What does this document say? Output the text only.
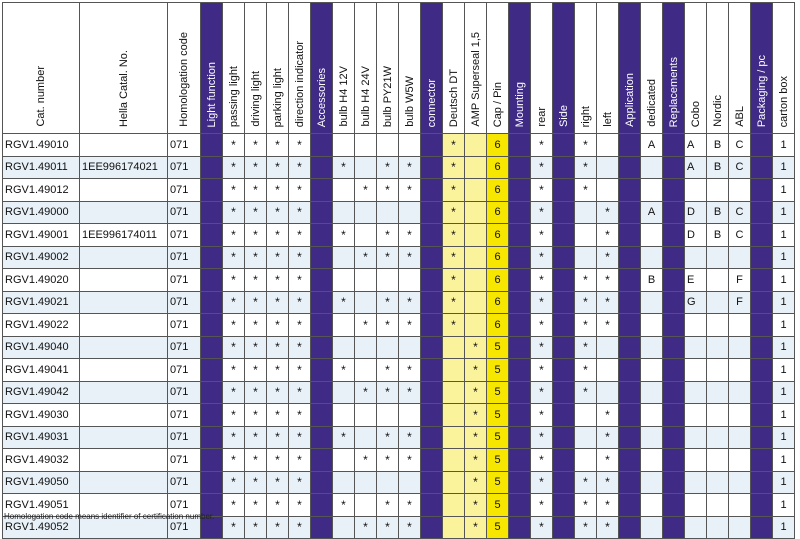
Cat. number	Hella Catal. No.	Homologation code	Light function	passing light	driving light	parking light	direction indicator	Accessories	bulb H4 12V	bulb H4 24V	bulb PY21W	bulb W5W	connector	Deutsch DT	AMP Superseal 1,5	Cap / Pin	Mounting	rear	Side	right	left	Application	dedicated	Replacements	Cobo	Nordic	ABL	Packaging / pc	carton box
RGV1.49010		071		*	*	*	*							*		6		*		*			A		A	B	C		1
RGV1.49011	1EE996174021	071		*	*	*	*		*		*	*		*		6		*		*					A	B	C		1
RGV1.49012		071		*	*	*	*			*	*	*		*		6		*		*									1
RGV1.49000		071		*	*	*	*							*		6		*			*		A		D	B	C		1
RGV1.49001	1EE996174011	071		*	*	*	*		*		*	*		*		6		*			*				D	B	C		1
RGV1.49002		071		*	*	*	*			*	*	*		*		6		*			*								1
RGV1.49020		071		*	*	*	*							*		6		*		*	*		B		E		F		1
RGV1.49021		071		*	*	*	*		*		*	*		*		6		*		*	*				G		F		1
RGV1.49022		071		*	*	*	*			*	*	*		*		6		*		*	*								1
RGV1.49040		071		*	*	*	*								*	5		*		*									1
RGV1.49041		071		*	*	*	*		*		*	*			*	5		*		*									1
RGV1.49042		071		*	*	*	*			*	*	*			*	5		*		*									1
RGV1.49030		071		*	*	*	*								*	5		*			*								1
RGV1.49031		071		*	*	*	*		*		*	*			*	5		*			*								1
RGV1.49032		071		*	*	*	*			*	*	*			*	5		*			*								1
RGV1.49050		071		*	*	*	*								*	5		*		*	*								1
RGV1.49051		071		*	*	*	*		*		*	*			*	5		*		*	*								1
RGV1.49052		071		*	*	*	*			*	*	*			*	5		*		*	*								1
Homologation code means identifier of certification number.
